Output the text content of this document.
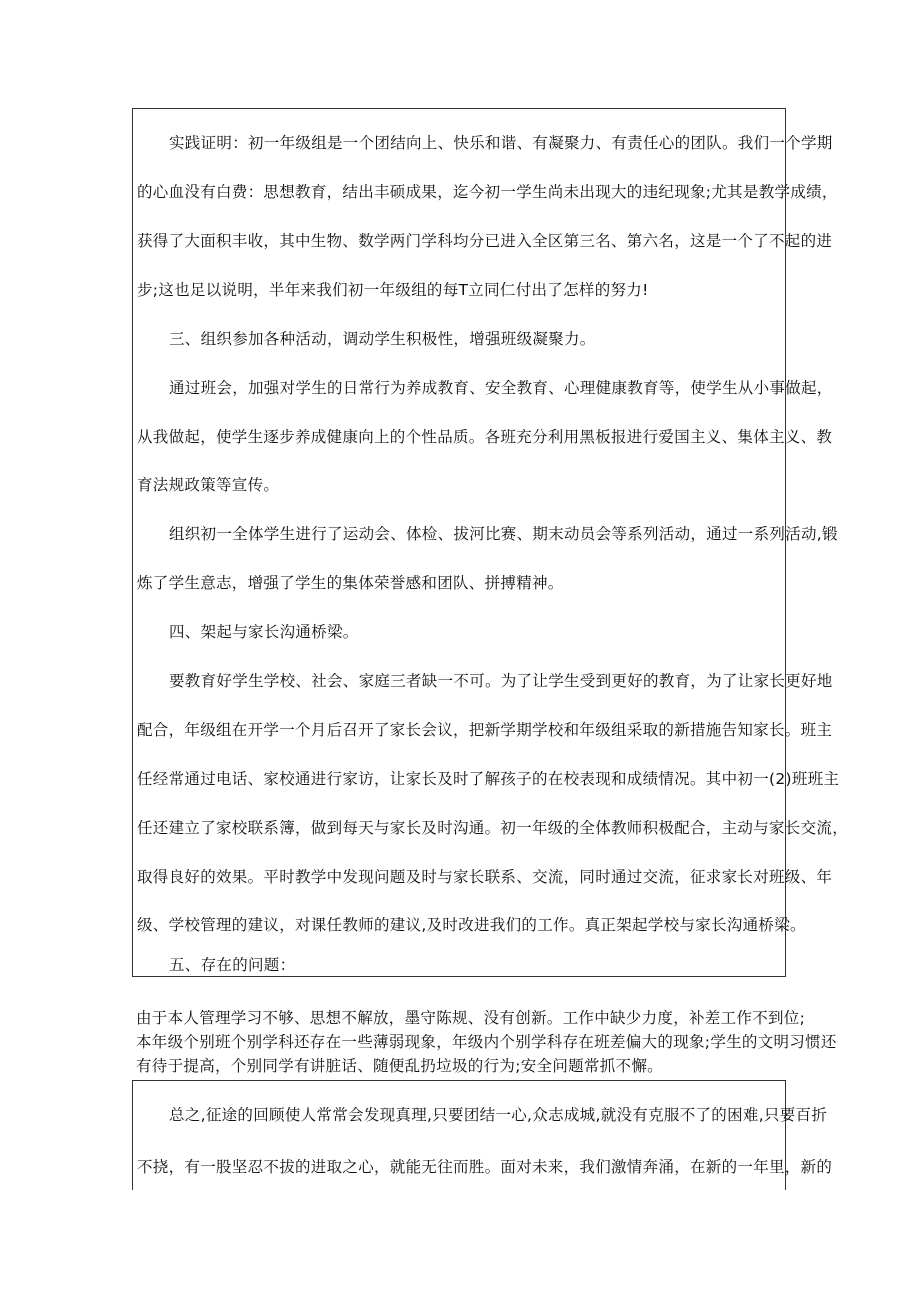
实践证明：初一年级组是一个团结向上、快乐和谐、有凝聚力、有责任心的团队。我们一个学期
的心血没有白费：思想教育，结出丰硕成果，迄今初一学生尚未出现大的违纪现象;尤其是教学成绩，
获得了大面积丰收，其中生物、数学两门学科均分已进入全区第三名、第六名，这是一个了不起的进
步;这也足以说明，半年来我们初一年级组的每T立同仁付出了怎样的努力!
三、组织参加各种活动，调动学生积极性，增强班级凝聚力。
通过班会，加强对学生的日常行为养成教育、安全教育、心理健康教育等，使学生从小事做起，
从我做起，使学生逐步养成健康向上的个性品质。各班充分利用黑板报进行爱国主义、集体主义、教
育法规政策等宣传。
组织初一全体学生进行了运动会、体检、拔河比赛、期末动员会等系列活动，通过一系列活动,锻
炼了学生意志，增强了学生的集体荣誉感和团队、拼搏精神。
四、架起与家长沟通桥梁。
要教育好学生学校、社会、家庭三者缺一不可。为了让学生受到更好的教育，为了让家长更好地
配合，年级组在开学一个月后召开了家长会议，把新学期学校和年级组采取的新措施告知家长。班主
任经常通过电话、家校通进行家访，让家长及时了解孩子的在校表现和成绩情况。其中初一(2)班班主
任还建立了家校联系簿，做到每天与家长及时沟通。初一年级的全体教师积极配合，主动与家长交流，
取得良好的效果。平时教学中发现问题及时与家长联系、交流，同时通过交流，征求家长对班级、年
级、学校管理的建议，对课任教师的建议,及时改进我们的工作。真正架起学校与家长沟通桥梁。
五、存在的问题：
由于本人管理学习不够、思想不解放，墨守陈规、没有创新。工作中缺少力度，补差工作不到位;
本年级个别班个别学科还存在一些薄弱现象，年级内个别学科存在班差偏大的现象;学生的文明习惯还
有待于提高，个别同学有讲脏话、随便乱扔垃圾的行为;安全问题常抓不懈。
总之,征途的回顾使人常常会发现真理,只要团结一心,众志成城,就没有克服不了的困难,只要百折
不挠，有一股坚忍不拔的进取之心，就能无往而胜。面对未来，我们激情奔涌，在新的一年里，新的
